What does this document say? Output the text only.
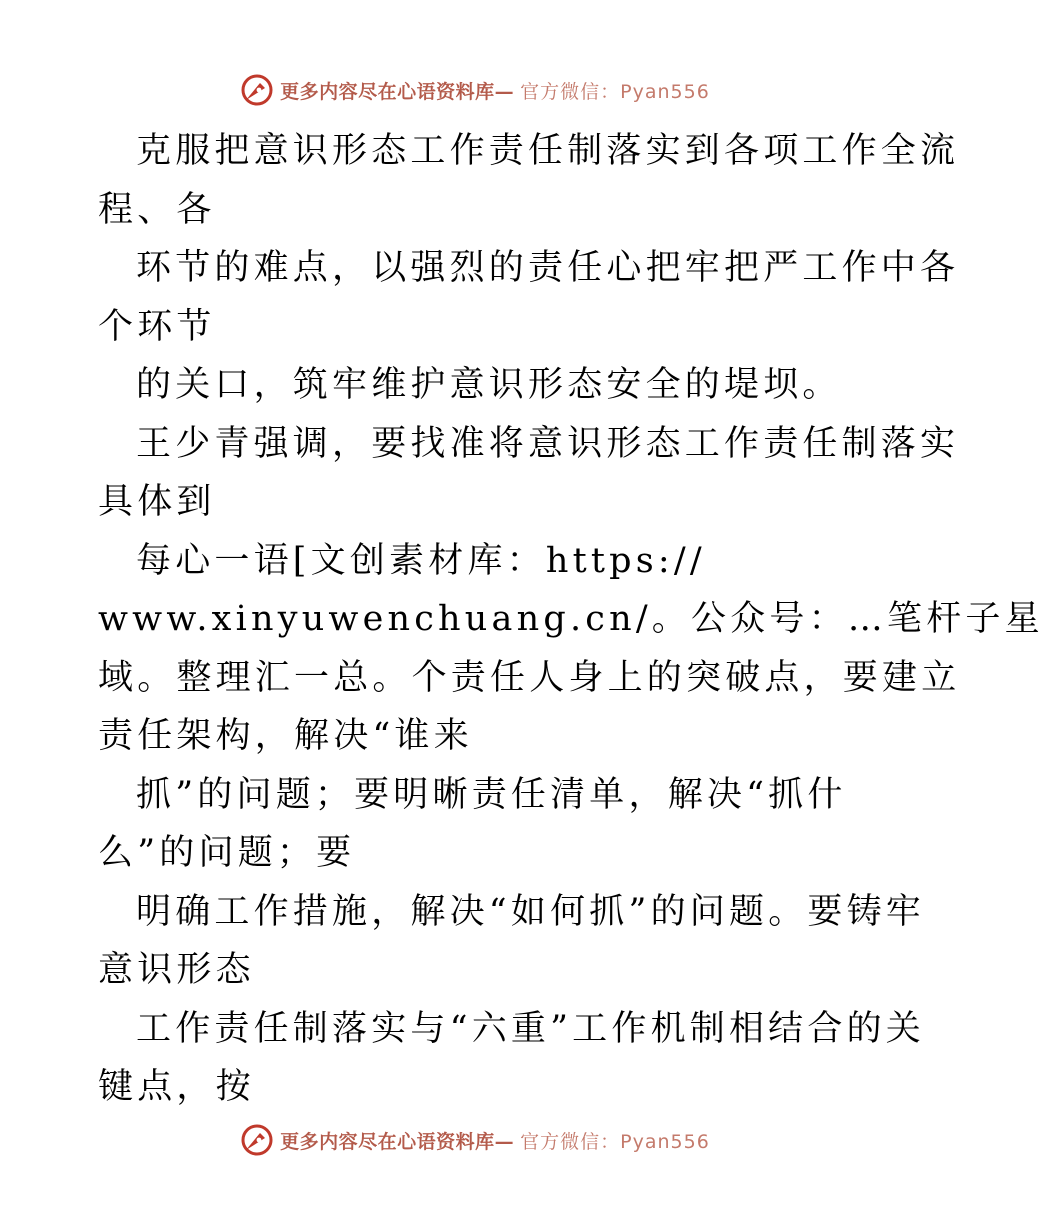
更多内容尽在心语资料库— 官方微信：Pyan556
克服把意识形态工作责任制落实到各项工作全流
程、各
环节的难点，以强烈的责任心把牢把严工作中各
个环节
的关口，筑牢维护意识形态安全的堤坝。
王少青强调，要找准将意识形态工作责任制落实
具体到
每心一语[文创素材库：https://
www.xinyuwenchuang.cn/。公众号：…笔杆子星
域。整理汇一总。个责任人身上的突破点，要建立
责任架构，解决“谁来
抓”的问题；要明晰责任清单，解决“抓什
么”的问题；要
明确工作措施，解决“如何抓”的问题。要铸牢
意识形态
工作责任制落实与“六重”工作机制相结合的关
键点，按
更多内容尽在心语资料库— 官方微信：Pyan556
